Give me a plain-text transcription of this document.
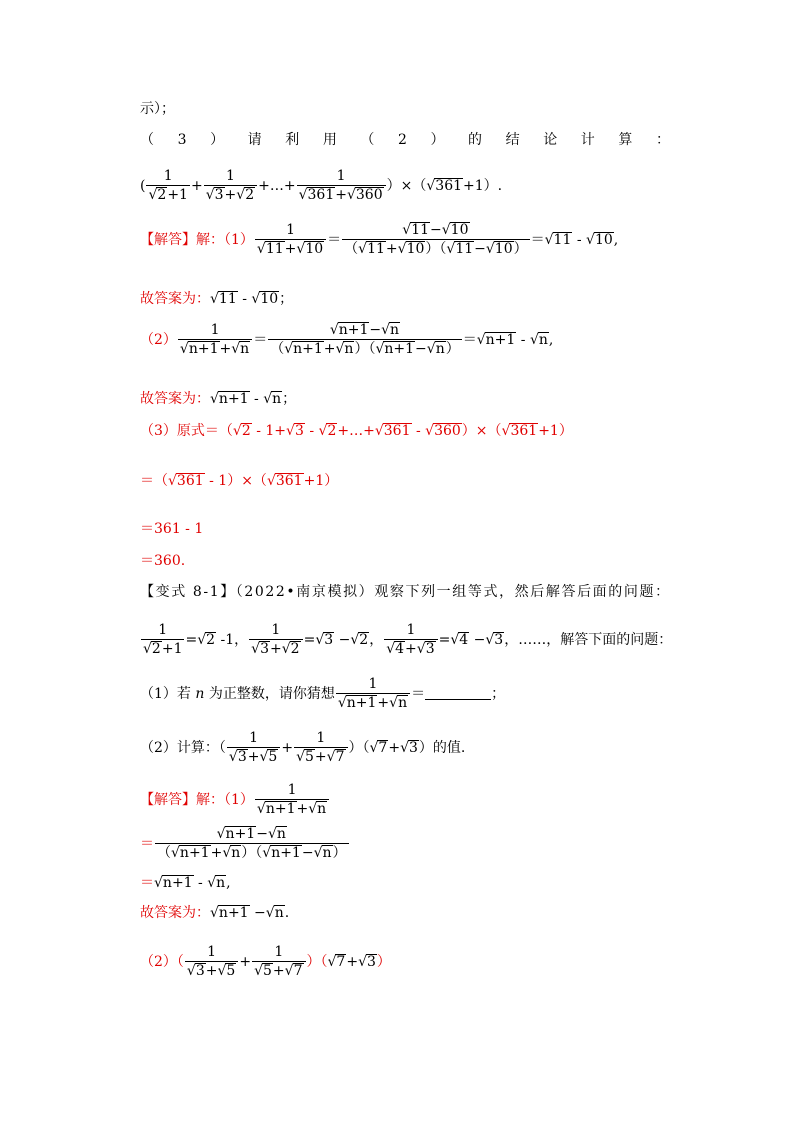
示）；
（ 3 ） 请 利 用 （ 2 ） 的 结 论 计 算 ：
( $\frac{1}{√2+1} + \frac{1}{√3+√2}$ +…+ $\frac{1}{√361+√360} )\times(√361+1)$.
【解答】解：$(1) \frac{1}{√11+√10} = \frac{√11-√10}{(√11+√10)(√11-√10)} =√11 - √10$,
故答案为：√11 - √10；
$(2) \frac{1}{√n+1+√n} = \frac{√n+1-√n}{(√n+1+√n)(√n+1-√n)} =√n+1 - √n$,
故答案为：√n+1 - √n；
（3）原式＝（√2 - 1+√3 - √2+…+√361 - √360）×（√361+1）
＝（√361 - 1）×（√361+1）
＝361 - 1
＝360.
【变式 8-1】（2022•南京模拟）观察下列一组等式，然后解答后面的问题：
$\frac{1}{√2+1} =√2$ -1， $\frac{1}{√3+√2} =√3 -√2$， $\frac{1}{√4+√3} =√4 -√3$，……，解答下面的问题：
（1）若 n 为正整数，请你猜想 $\frac{1}{√n+1+√n}$ ＝	；
（2）计算：（ $\frac{1}{√3+√5} + \frac{1}{√5+√7} )(√7+√3)$的值.
【解答】解：$(1) \frac{1}{√n+1+√n}$
＝ $\frac{√n+1-√n}{(√n+1+√n)(√n+1-√n)}$
＝√n+1 - √n,
故答案为：√n+1 −√n.
$(2)( \frac{1}{√3+√5} + \frac{1}{√5+√7} )(√7+√3)$
